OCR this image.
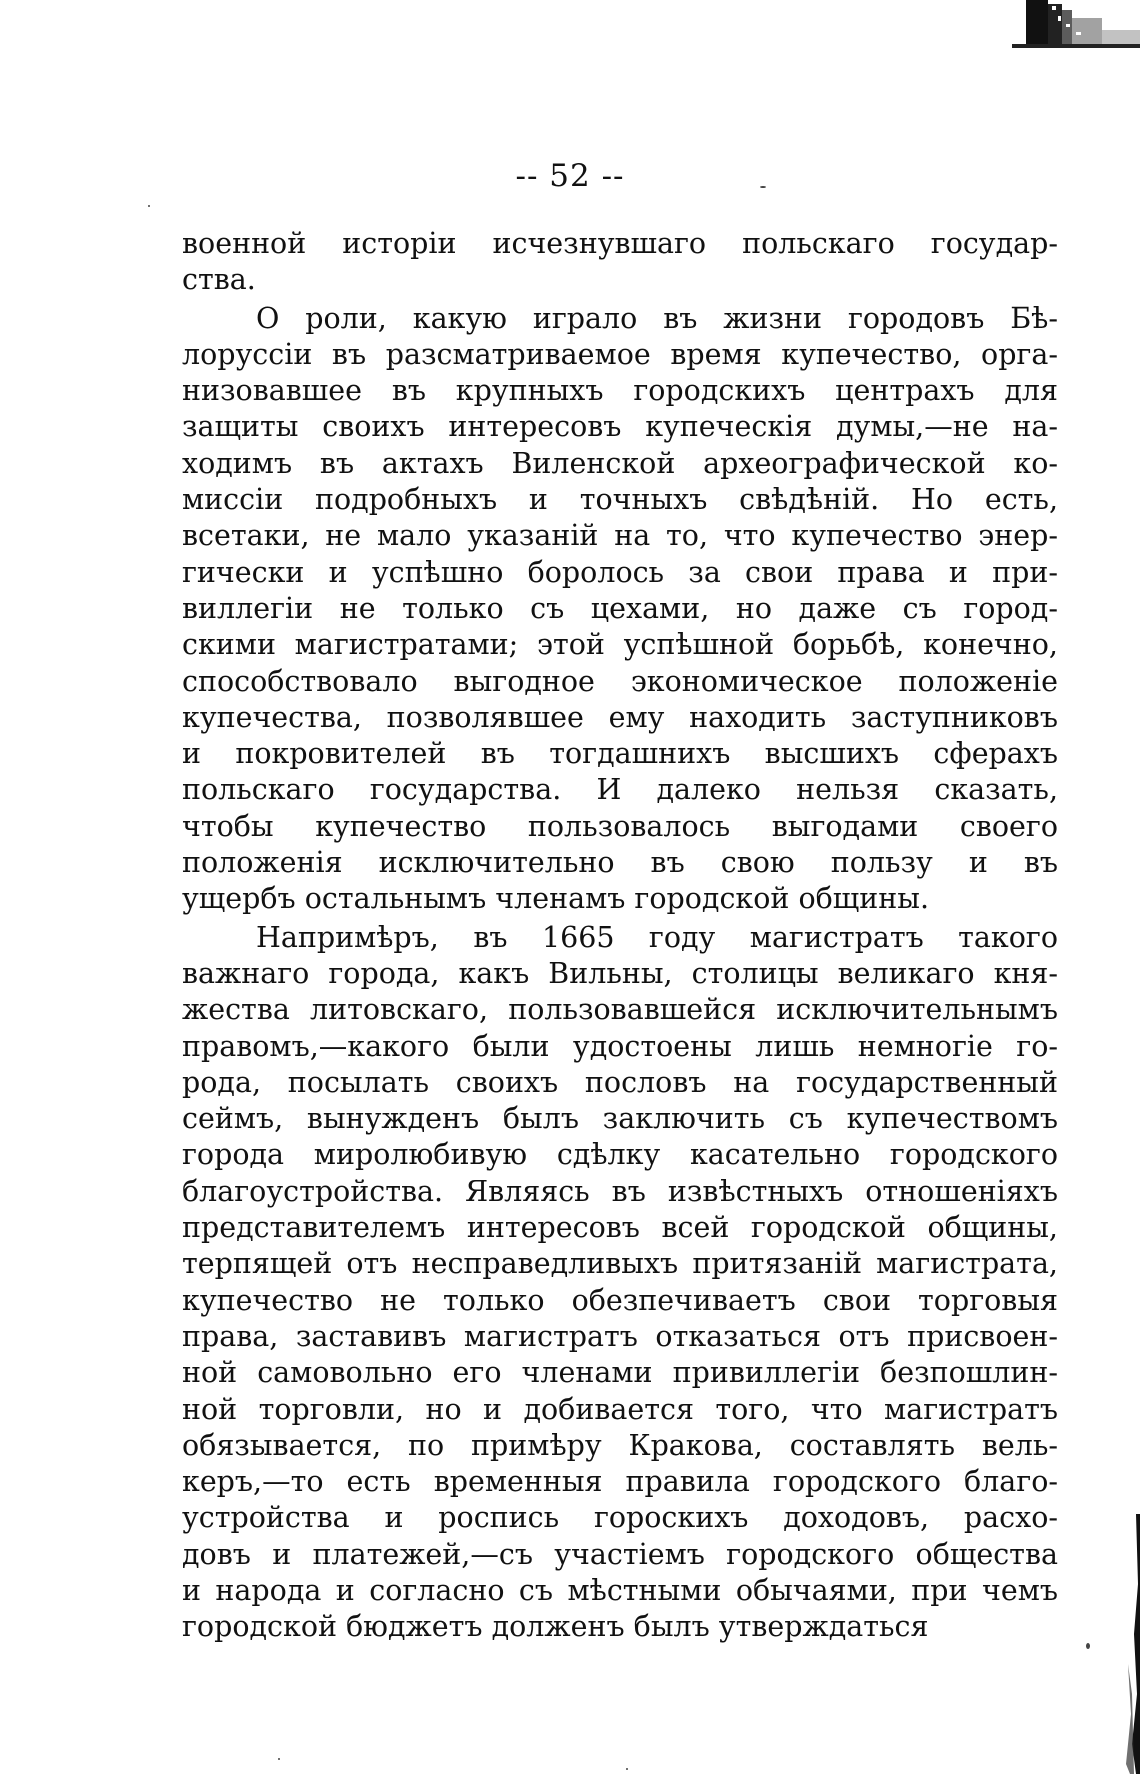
-- 52 --
военной исторіи исчезнувшаго польскаго государ-
ства.
О роли, какую играло въ жизни городовъ Бѣ-
лоруссіи въ разсматриваемое время купечество, орга-
низовавшее въ крупныхъ городскихъ центрахъ для
защиты своихъ интересовъ купеческія думы,—не на-
ходимъ въ актахъ Виленской археографической ко-
миссіи подробныхъ и точныхъ свѣдѣній. Но есть,
всетаки, не мало указаній на то, что купечество энер-
гически и успѣшно боролось за свои права и при-
виллегіи не только съ цехами, но даже съ город-
скими магистратами; этой успѣшной борьбѣ, конечно,
способствовало выгодное экономическое положеніе
купечества, позволявшее ему находить заступниковъ
и покровителей въ тогдашнихъ высшихъ сферахъ
польскаго государства. И далеко нельзя сказать,
чтобы купечество пользовалось выгодами своего
положенія исключительно въ свою пользу и въ
ущербъ остальнымъ членамъ городской общины.
Напримѣръ, въ 1665 году магистратъ такого
важнаго города, какъ Вильны, столицы великаго кня-
жества литовскаго, пользовавшейся исключительнымъ
правомъ,—какого были удостоены лишь немногіе го-
рода, посылать своихъ пословъ на государственный
сеймъ, вынужденъ былъ заключить съ купечествомъ
города миролюбивую сдѣлку касательно городского
благоустройства. Являясь въ извѣстныхъ отношеніяхъ
представителемъ интересовъ всей городской общины,
терпящей отъ несправедливыхъ притязаній магистрата,
купечество не только обезпечиваетъ свои торговыя
права, заставивъ магистратъ отказаться отъ присвоен-
ной самовольно его членами привиллегіи безпошлин-
ной торговли, но и добивается того, что магистратъ
обязывается, по примѣру Кракова, составлять вель-
керъ,—то есть временныя правила городского благо-
устройства и роспись гороскихъ доходовъ, расхо-
довъ и платежей,—съ участіемъ городского общества
и народа и согласно съ мѣстными обычаями, при чемъ
городской бюджетъ долженъ былъ утверждаться
